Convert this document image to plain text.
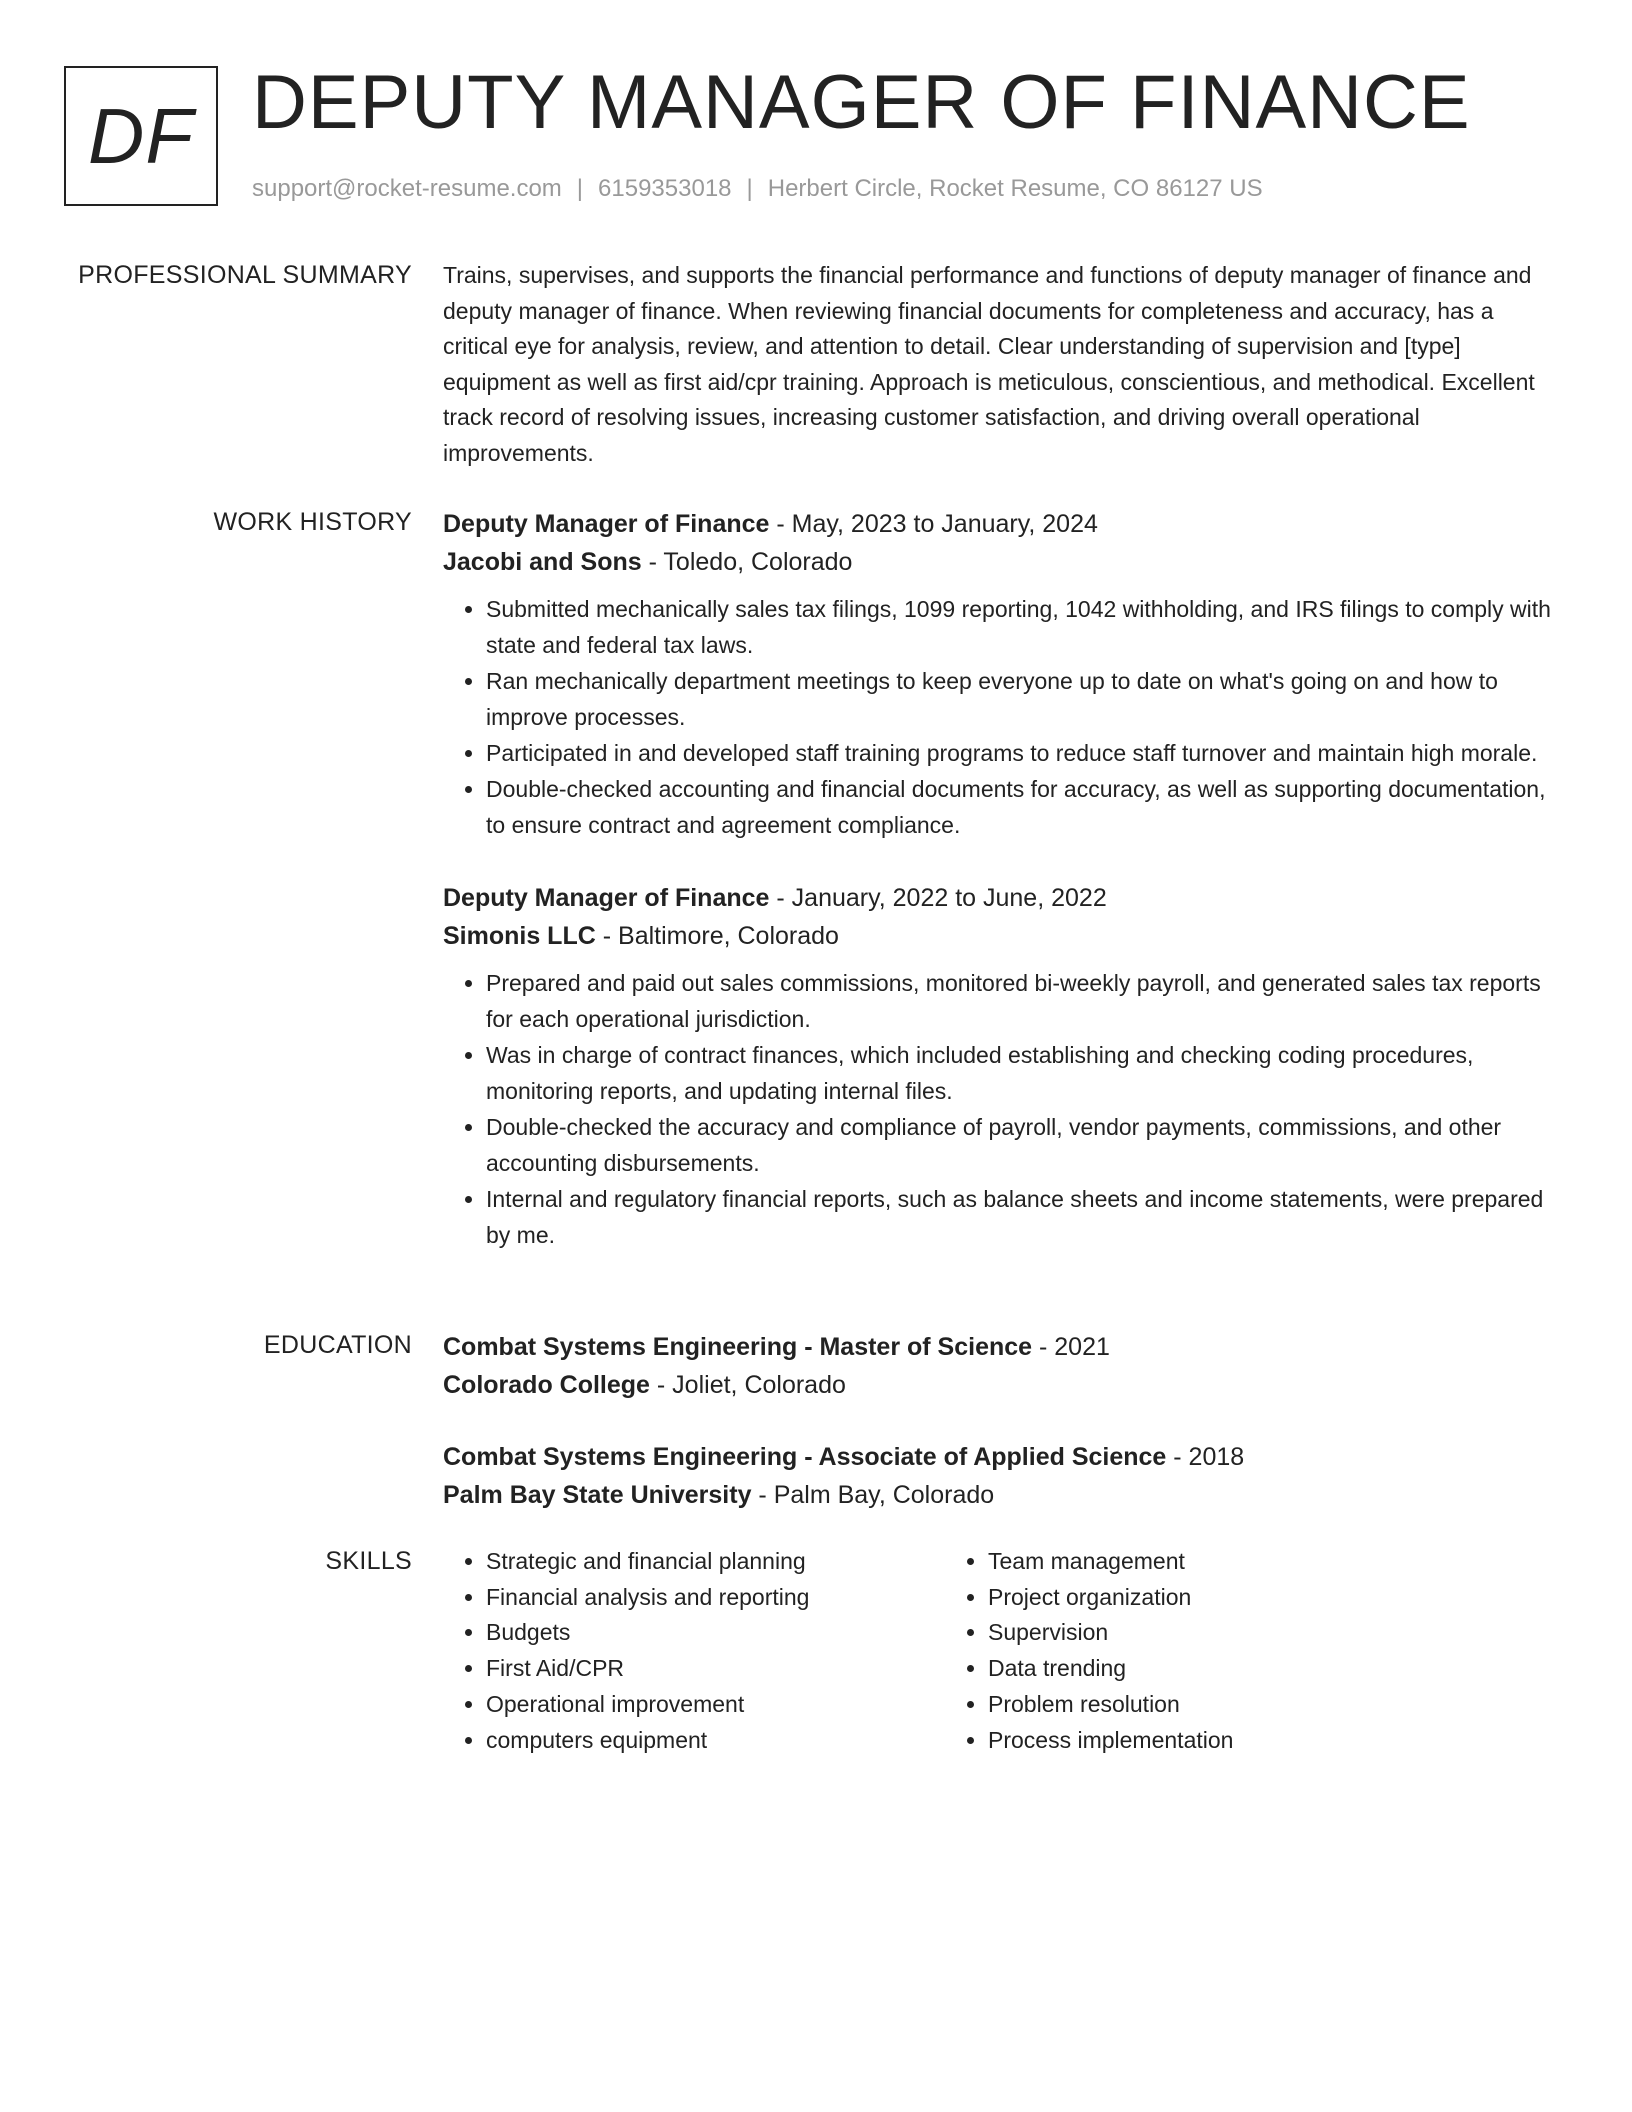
DF DEPUTY MANAGER OF FINANCE
support@rocket-resume.com | 6159353018 | Herbert Circle, Rocket Resume, CO 86127 US
PROFESSIONAL SUMMARY Trains, supervises, and supports the financial performance and functions of deputy manager of finance and deputy manager of finance. When reviewing financial documents for completeness and accuracy, has a critical eye for analysis, review, and attention to detail. Clear understanding of supervision and [type] equipment as well as first aid/cpr training. Approach is meticulous, conscientious, and methodical. Excellent track record of resolving issues, increasing customer satisfaction, and driving overall operational improvements.

WORK HISTORY Deputy Manager of Finance - May, 2023 to January, 2024
Jacobi and Sons - Toledo, Colorado
• Submitted mechanically sales tax filings, 1099 reporting, 1042 withholding, and IRS filings to comply with state and federal tax laws.
• Ran mechanically department meetings to keep everyone up to date on what's going on and how to improve processes.
• Participated in and developed staff training programs to reduce staff turnover and maintain high morale.
• Double-checked accounting and financial documents for accuracy, as well as supporting documentation, to ensure contract and agreement compliance.
Deputy Manager of Finance - January, 2022 to June, 2022
Simonis LLC - Baltimore, Colorado
• Prepared and paid out sales commissions, monitored bi-weekly payroll, and generated sales tax reports for each operational jurisdiction.
• Was in charge of contract finances, which included establishing and checking coding procedures, monitoring reports, and updating internal files.
• Double-checked the accuracy and compliance of payroll, vendor payments, commissions, and other accounting disbursements.
• Internal and regulatory financial reports, such as balance sheets and income statements, were prepared by me.
EDUCATION Combat Systems Engineering - Master of Science - 2021
Colorado College - Joliet, Colorado
Combat Systems Engineering - Associate of Applied Science - 2018
Palm Bay State University - Palm Bay, Colorado
SKILLS
•	Strategic and financial planning
• Financial analysis and reporting
• Budgets
• First Aid/CPR
• Operational improvement
• computers equipment
• Team management
• Project organization
• Supervision
• Data trending
• Problem resolution
• Process implementation
